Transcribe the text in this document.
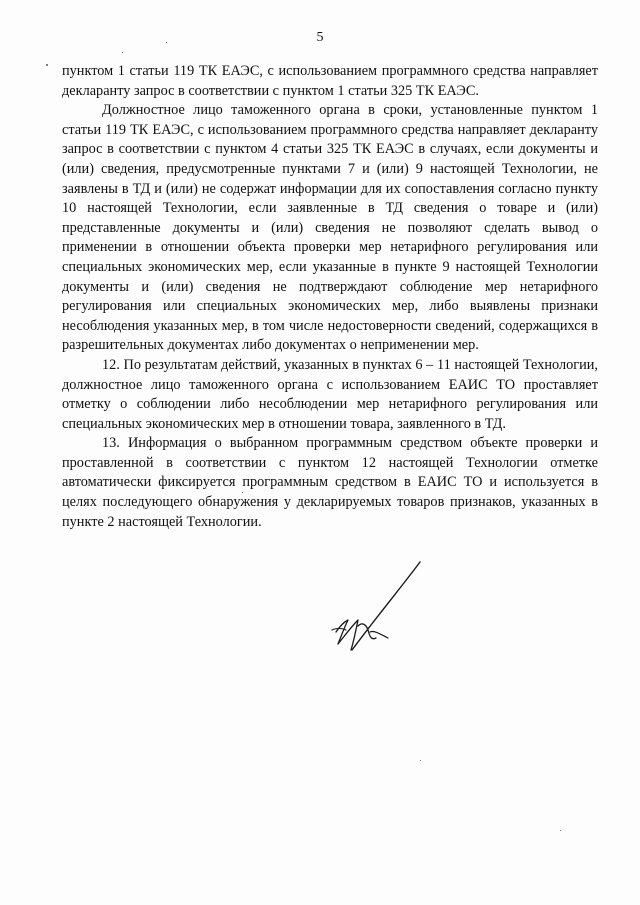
5

пунктом 1 статьи 119 ТК ЕАЭС, с использованием программного средства направляет декларанту запрос в соответствии с пунктом 1 статьи 325 ТК ЕАЭС.

Должностное лицо таможенного органа в сроки, установленные пунктом 1 статьи 119 ТК ЕАЭС, с использованием программного средства направляет декларанту запрос в соответствии с пунктом 4 статьи 325 ТК ЕАЭС в случаях, если документы и (или) сведения, предусмотренные пунктами 7 и (или) 9 настоящей Технологии, не заявлены в ТД и (или) не содержат информации для их сопоставления согласно пункту 10 настоящей Технологии, если заявленные в ТД сведения о товаре и (или) представленные документы и (или) сведения не позволяют сделать вывод о применении в отношении объекта проверки мер нетарифного регулирования или специальных экономических мер, если указанные в пункте 9 настоящей Технологии документы и (или) сведения не подтверждают соблюдение мер нетарифного регулирования или специальных экономических мер, либо выявлены признаки несоблюдения указанных мер, в том числе недостоверности сведений, содержащихся в разрешительных документах либо документах о неприменении мер.

12. По результатам действий, указанных в пунктах 6 – 11 настоящей Технологии, должностное лицо таможенного органа с использованием ЕАИС ТО проставляет отметку о соблюдении либо несоблюдении мер нетарифного регулирования или специальных экономических мер в отношении товара, заявленного в ТД.

13. Информация о выбранном программным средством объекте проверки и проставленной в соответствии с пунктом 12 настоящей Технологии отметке автоматически фиксируется программным средством в ЕАИС ТО и используется в целях последующего обнаружения у декларируемых товаров признаков, указанных в пункте 2 настоящей Технологии.
